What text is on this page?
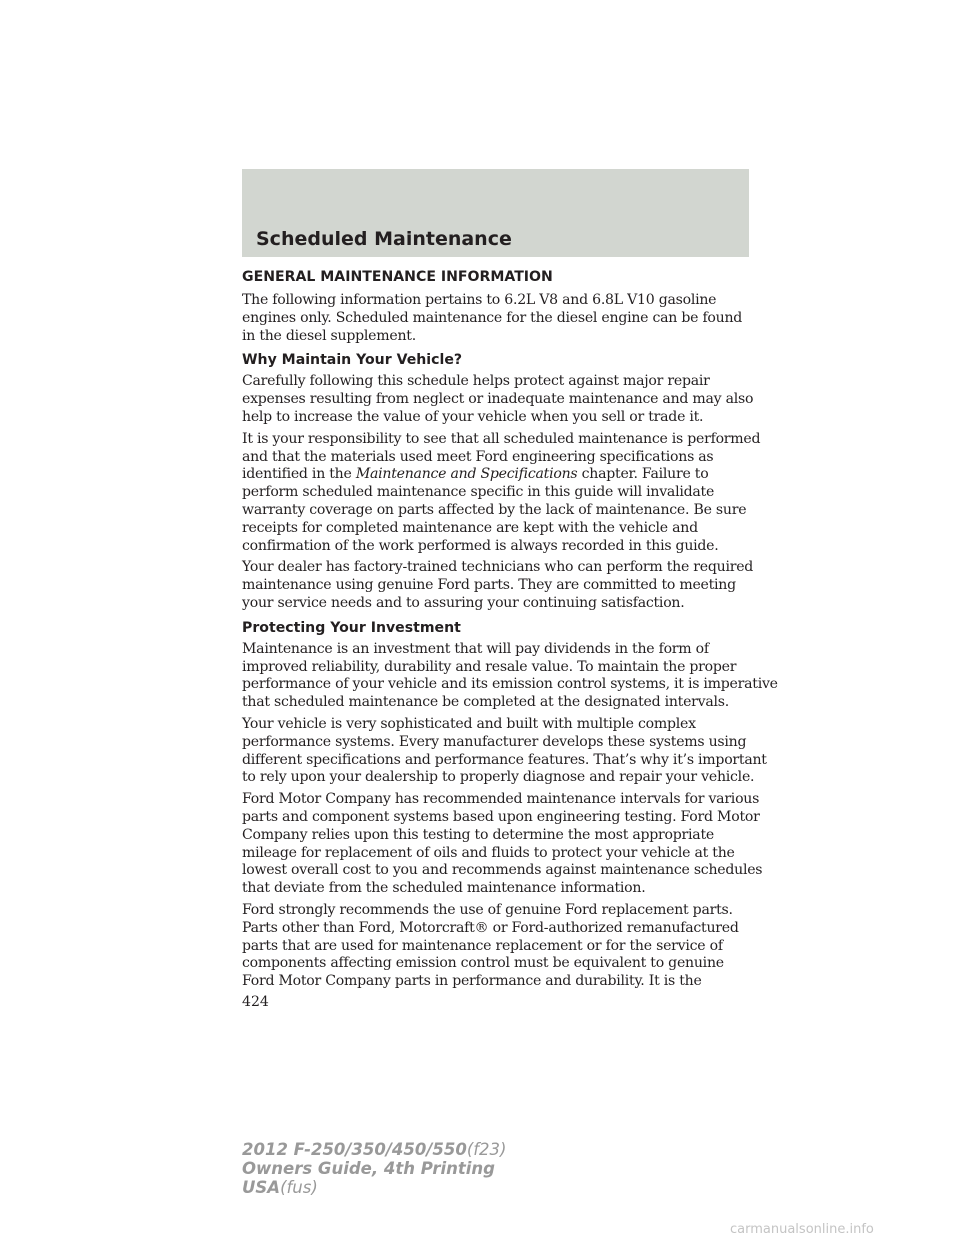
Scheduled Maintenance
GENERAL MAINTENANCE INFORMATION

The following information pertains to 6.2L V8 and 6.8L V10 gasoline
engines only. Scheduled maintenance for the diesel engine can be found
in the diesel supplement.

Why Maintain Your Vehicle?

Carefully following this schedule helps protect against major repair
expenses resulting from neglect or inadequate maintenance and may also
help to increase the value of your vehicle when you sell or trade it.

It is your responsibility to see that all scheduled maintenance is performed
and that the materials used meet Ford engineering specifications as
identified in the Maintenance and Specifications chapter. Failure to
perform scheduled maintenance specific in this guide will invalidate
warranty coverage on parts affected by the lack of maintenance. Be sure
receipts for completed maintenance are kept with the vehicle and
confirmation of the work performed is always recorded in this guide.

Your dealer has factory-trained technicians who can perform the required
maintenance using genuine Ford parts. They are committed to meeting
your service needs and to assuring your continuing satisfaction.

Protecting Your Investment

Maintenance is an investment that will pay dividends in the form of
improved reliability, durability and resale value. To maintain the proper
performance of your vehicle and its emission control systems, it is imperative
that scheduled maintenance be completed at the designated intervals.

Your vehicle is very sophisticated and built with multiple complex
performance systems. Every manufacturer develops these systems using
different specifications and performance features. That’s why it’s important
to rely upon your dealership to properly diagnose and repair your vehicle.

Ford Motor Company has recommended maintenance intervals for various
parts and component systems based upon engineering testing. Ford Motor
Company relies upon this testing to determine the most appropriate
mileage for replacement of oils and fluids to protect your vehicle at the
lowest overall cost to you and recommends against maintenance schedules
that deviate from the scheduled maintenance information.

Ford strongly recommends the use of genuine Ford replacement parts.
Parts other than Ford, Motorcraft® or Ford-authorized remanufactured
parts that are used for maintenance replacement or for the service of
components affecting emission control must be equivalent to genuine
Ford Motor Company parts in performance and durability. It is the

424
2012 F-250/350/450/550(f23)
Owners Guide, 4th Printing
USA(fus)
carmanualsonline.info
